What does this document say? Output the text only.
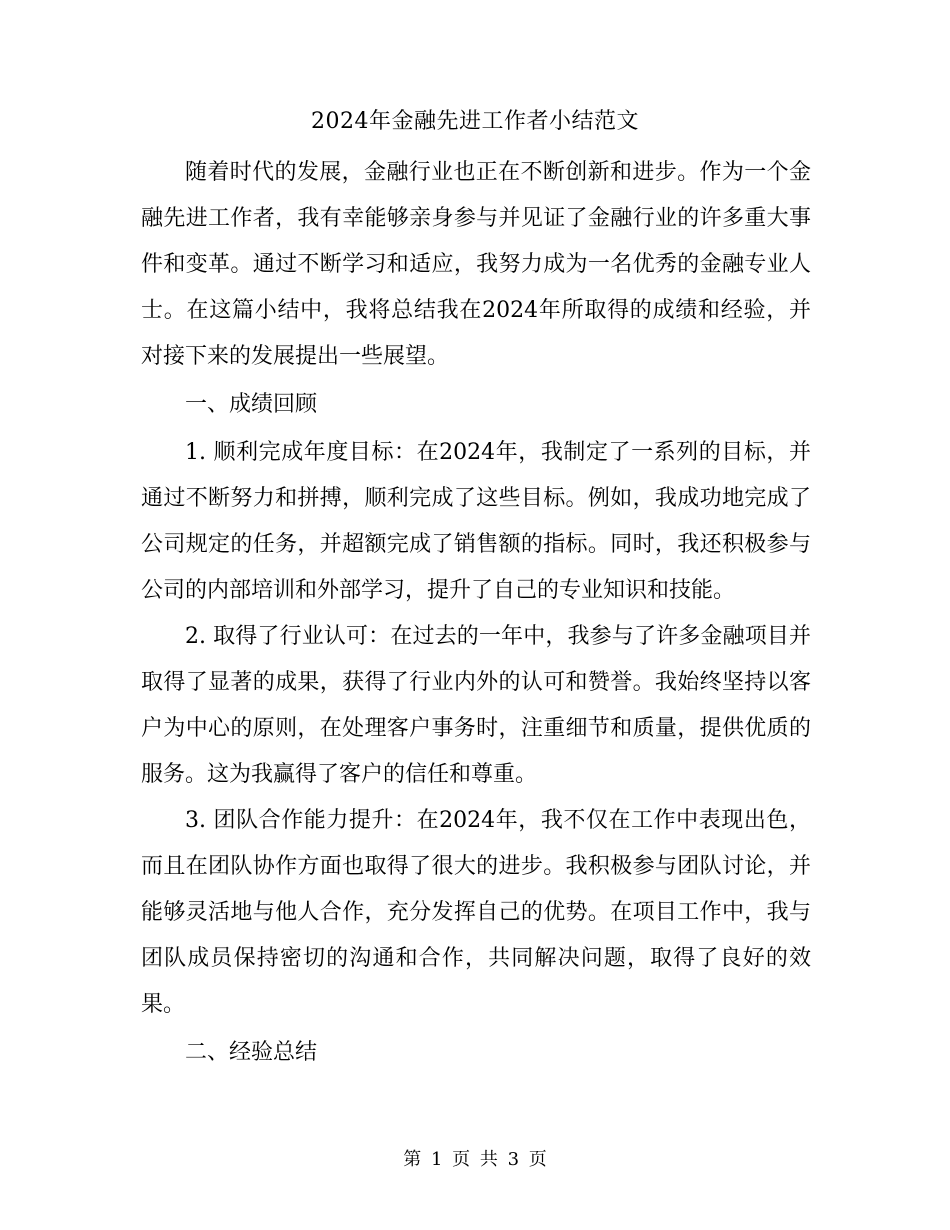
2024年金融先进工作者小结范文

随着时代的发展，金融行业也正在不断创新和进步。作为一个金融先进工作者，我有幸能够亲身参与并见证了金融行业的许多重大事件和变革。通过不断学习和适应，我努力成为一名优秀的金融专业人士。在这篇小结中，我将总结我在2024年所取得的成绩和经验，并对接下来的发展提出一些展望。

一、成绩回顾

1. 顺利完成年度目标：在2024年，我制定了一系列的目标，并通过不断努力和拼搏，顺利完成了这些目标。例如，我成功地完成了公司规定的任务，并超额完成了销售额的指标。同时，我还积极参与公司的内部培训和外部学习，提升了自己的专业知识和技能。

2. 取得了行业认可：在过去的一年中，我参与了许多金融项目并取得了显著的成果，获得了行业内外的认可和赞誉。我始终坚持以客户为中心的原则，在处理客户事务时，注重细节和质量，提供优质的服务。这为我赢得了客户的信任和尊重。

3. 团队合作能力提升：在2024年，我不仅在工作中表现出色，而且在团队协作方面也取得了很大的进步。我积极参与团队讨论，并能够灵活地与他人合作，充分发挥自己的优势。在项目工作中，我与团队成员保持密切的沟通和合作，共同解决问题，取得了良好的效果。

二、经验总结

第 1 页 共 3 页
